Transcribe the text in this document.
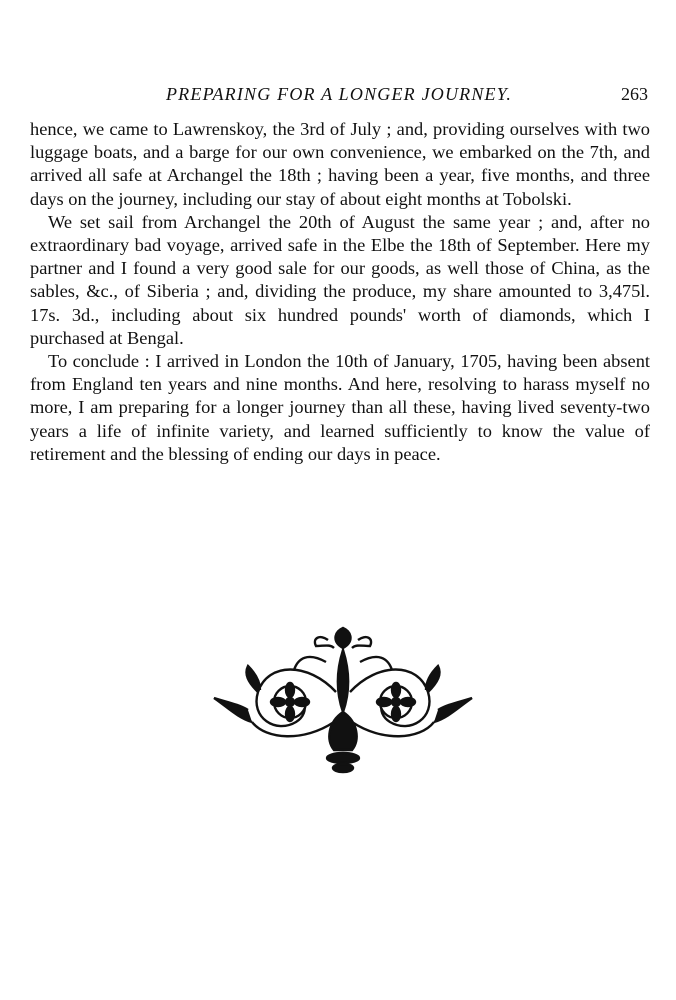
PREPARING FOR A LONGER JOURNEY.	263

hence, we came to Lawrenskoy, the 3rd of July ; and, providing ourselves with two luggage boats, and a barge for our own convenience, we embarked on the 7th, and arrived all safe at Archangel the 18th ; having been a year, five months, and three days on the journey, including our stay of about eight months at Tobolski.

We set sail from Archangel the 20th of August the same year ; and, after no extraordinary bad voyage, arrived safe in the Elbe the 18th of September. Here my partner and I found a very good sale for our goods, as well those of China, as the sables, &c., of Siberia ; and, dividing the produce, my share amounted to 3,475l. 17s. 3d., including about six hundred pounds' worth of diamonds, which I purchased at Bengal.

To conclude : I arrived in London the 10th of January, 1705, having been absent from England ten years and nine months. And here, resolving to harass myself no more, I am preparing for a longer journey than all these, having lived seventy-two years a life of infinite variety, and learned sufficiently to know the value of retirement and the blessing of ending our days in peace.
